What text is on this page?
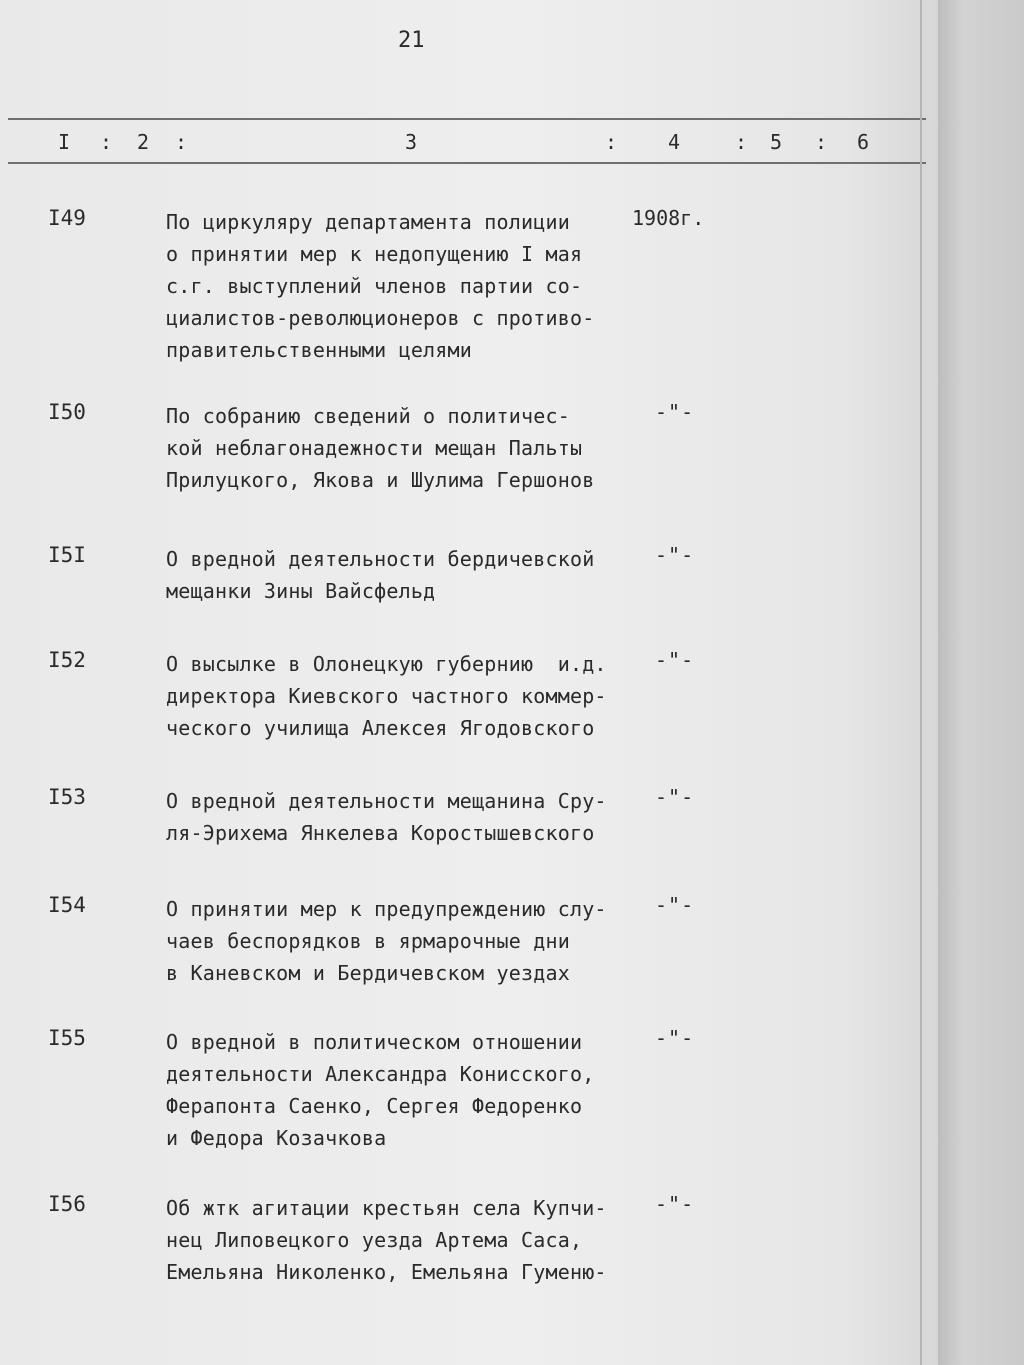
21
I : 2 :	3	:	4	: 5 : 6
I49	По циркуляру департамента полиции
о принятии мер к недопущению I мая
с.г. выступлений членов партии со-
циалистов-революционеров с противо-
правительственными целями
1908г.
I50	По собранию сведений о политичес-
кой неблагонадежности мещан Пальты
Прилуцкого, Якова и Шулима Гершонов
-"-
I5I	О вредной деятельности бердичевской
мещанки Зины Вайсфельд
-"-
I52	О высылке в Олонецкую губернию  и.д.
директора Киевского частного коммер-
ческого училища Алексея Ягодовского
-"-
I53	О вредной деятельности мещанина Сру-
ля-Эрихема Янкелева Коростышевского
-"-
I54	О принятии мер к предупреждению слу-
чаев беспорядков в ярмарочные дни
в Каневском и Бердичевском уездах
-"-
I55	О вредной в политическом отношении
деятельности Александра Конисского,
Ферапонта Саенко, Сергея Федоренко
и Федора Козачкова
-"-
I56	Об жтк агитации крестьян села Купчи-
нец Липовецкого уезда Артема Саса,
Емельяна Николенко, Емельяна Гуменю-
-"-
